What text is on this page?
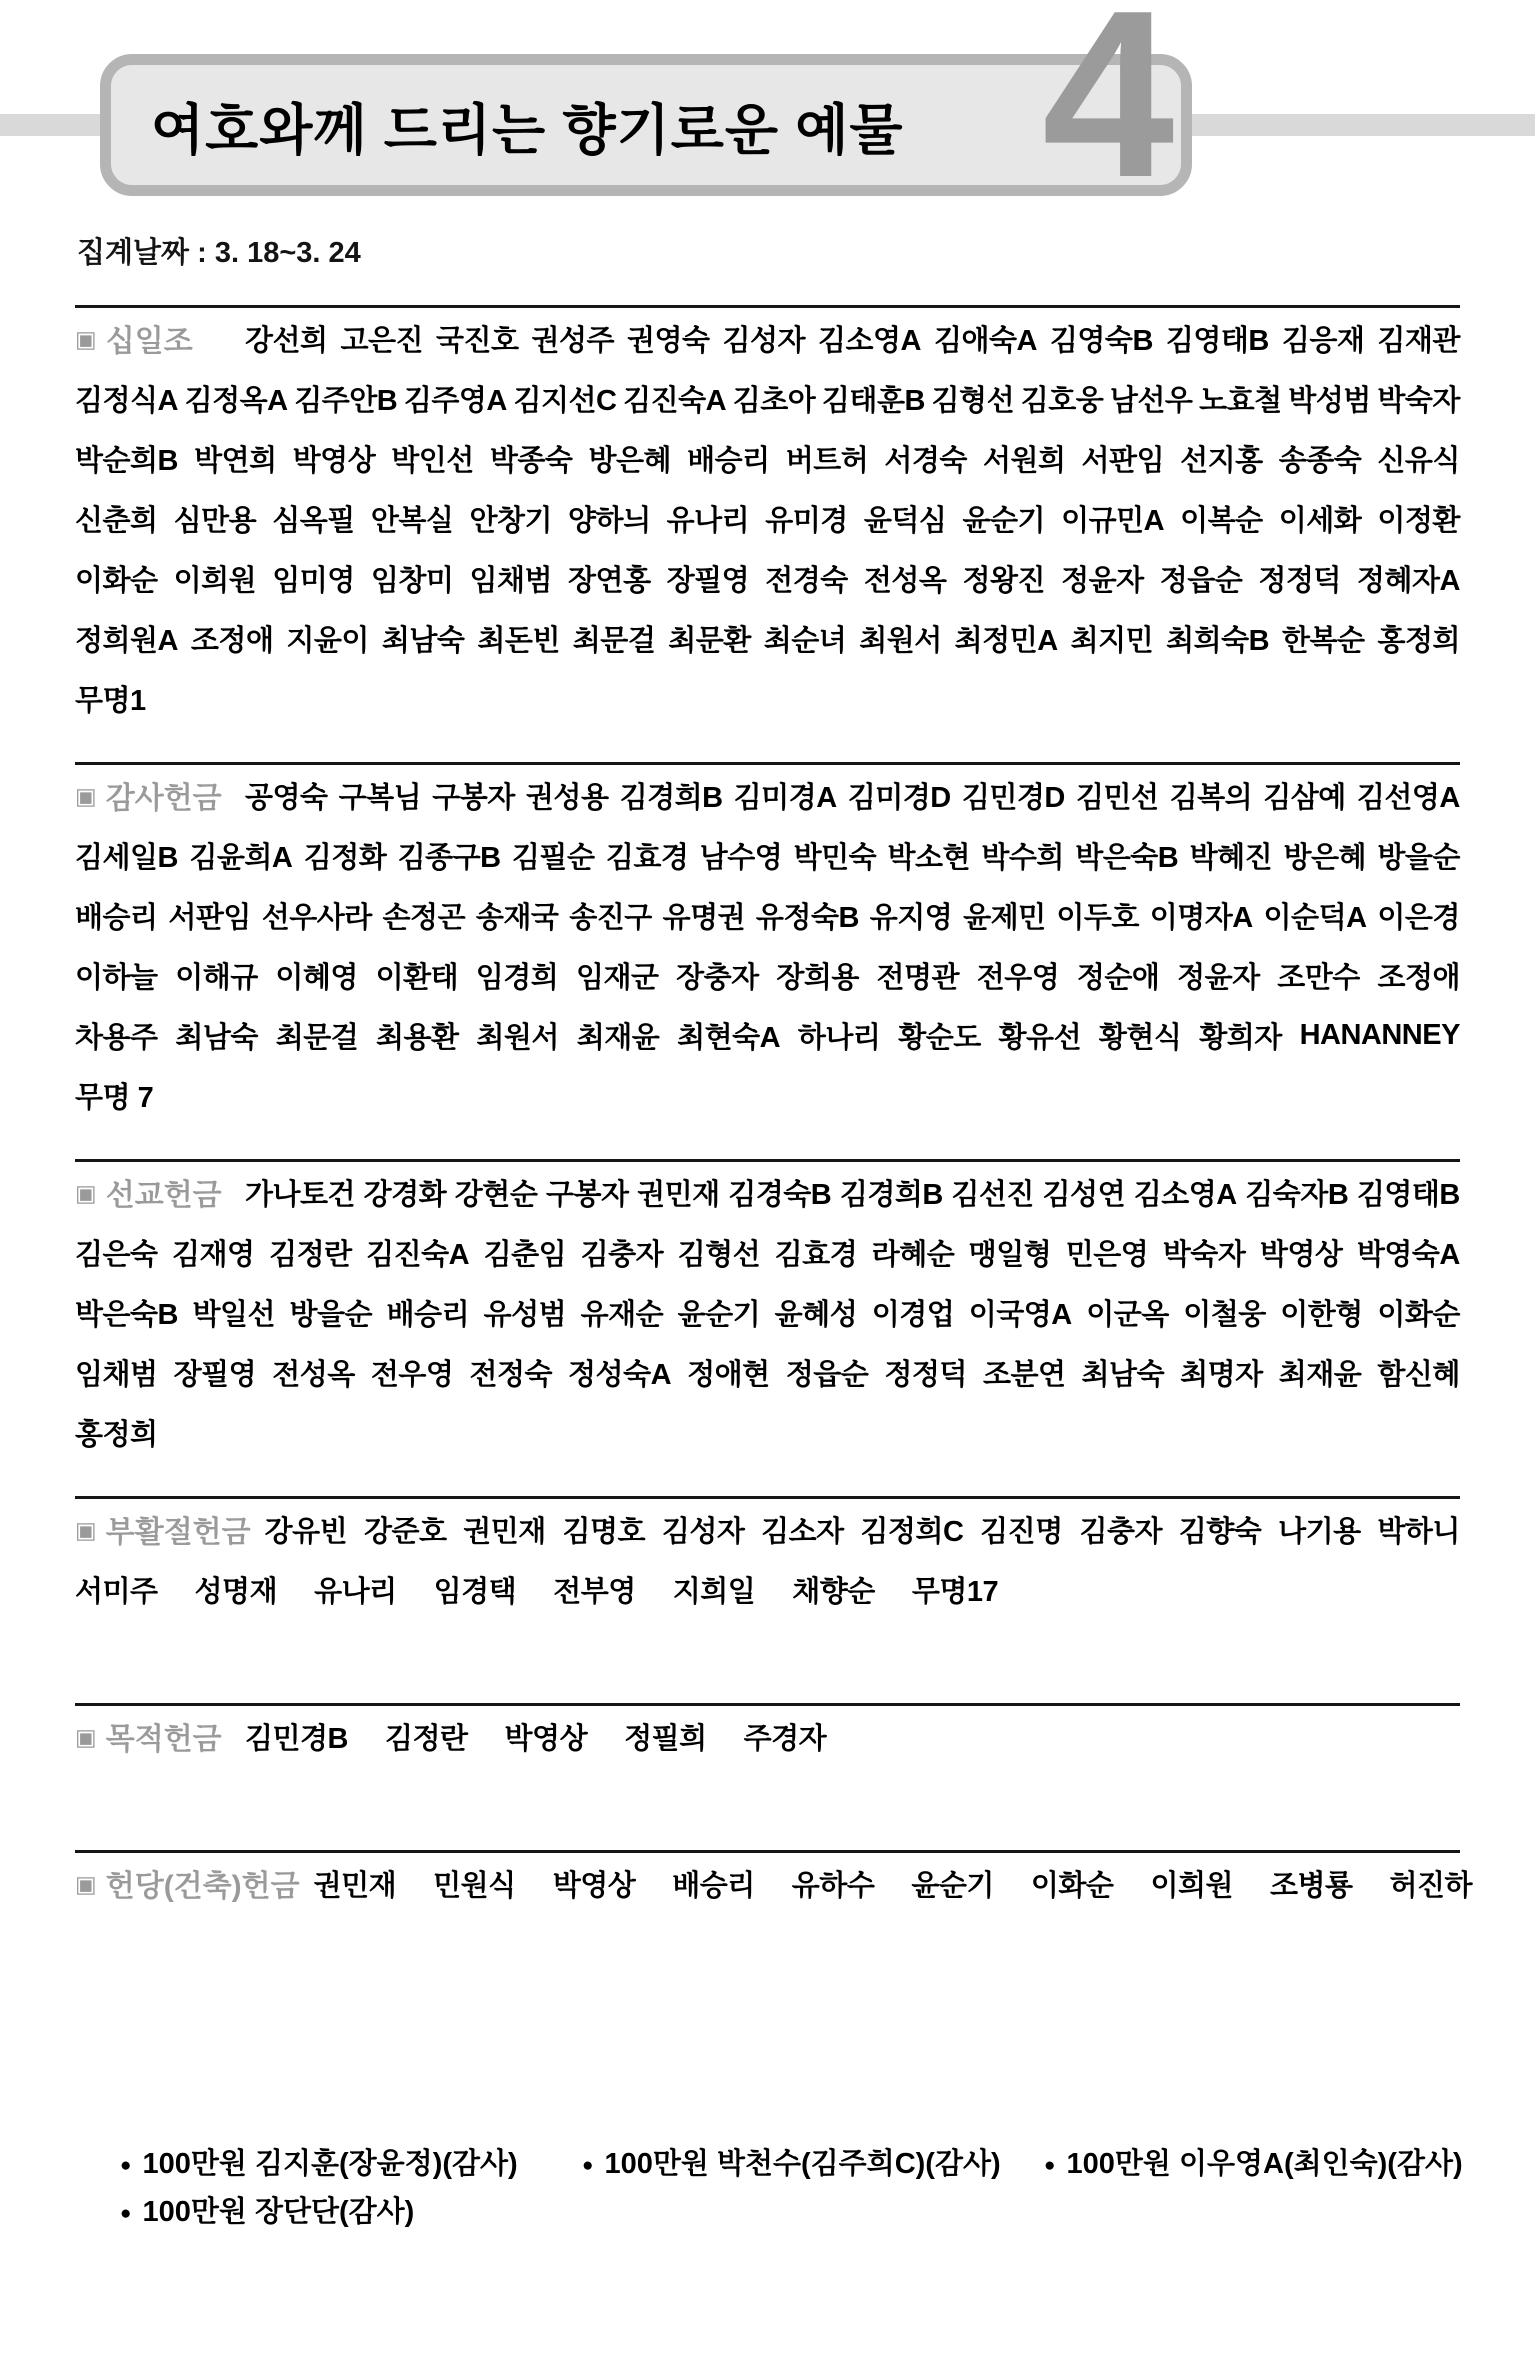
여호와께 드리는 향기로운 예물 4
집계날짜 : 3. 18~3. 24
▣ 십일조 강선희 고은진 국진호 권성주 권영숙 김성자 김소영A 김애숙A 김영숙B 김영태B 김응재 김재관
김정식A 김정옥A 김주안B 김주영A 김지선C 김진숙A 김초아 김태훈B 김형선 김호웅 남선우 노효철 박성범 박숙자
박순희B 박연희 박영상 박인선 박종숙 방은혜 배승리 버트허 서경숙 서원희 서판임 선지홍 송종숙 신유식
신춘희 심만용 심옥필 안복실 안창기 양하늬 유나리 유미경 윤덕심 윤순기 이규민A 이복순 이세화 이정환
이화순 이희원 임미영 임창미 임채범 장연홍 장필영 전경숙 전성옥 정왕진 정윤자 정읍순 정정덕 정혜자A
정희원A 조정애 지윤이 최남숙 최돈빈 최문걸 최문환 최순녀 최원서 최정민A 최지민 최희숙B 한복순 홍정희
무명1
▣ 감사헌금 공영숙 구복님 구봉자 권성용 김경희B 김미경A 김미경D 김민경D 김민선 김복의 김삼예 김선영A
김세일B 김윤희A 김정화 김종구B 김필순 김효경 남수영 박민숙 박소현 박수희 박은숙B 박혜진 방은혜 방을순
배승리 서판임 선우사라 손정곤 송재국 송진구 유명권 유정숙B 유지영 윤제민 이두호 이명자A 이순덕A 이은경
이하늘 이해규 이혜영 이환태 임경희 임재군 장충자 장희용 전명관 전우영 정순애 정윤자 조만수 조정애
차용주 최남숙 최문걸 최용환 최원서 최재윤 최현숙A 하나리 황순도 황유선 황현식 황희자 HANANNEY
무명 7
▣ 선교헌금 가나토건 강경화 강현순 구봉자 권민재 김경숙B 김경희B 김선진 김성연 김소영A 김숙자B 김영태B
김은숙 김재영 김정란 김진숙A 김춘임 김충자 김형선 김효경 라혜순 맹일형 민은영 박숙자 박영상 박영숙A
박은숙B 박일선 방을순 배승리 유성범 유재순 윤순기 윤혜성 이경업 이국영A 이군옥 이철웅 이한형 이화순
임채범 장필영 전성옥 전우영 전정숙 정성숙A 정애현 정읍순 정정덕 조분연 최남숙 최명자 최재윤 함신혜
홍정희
▣ 부활절헌금 강유빈 강준호 권민재 김명호 김성자 김소자 김정희C 김진명 김충자 김향숙 나기용 박하니
서미주 성명재 유나리 임경택 전부영 지희일 채향순 무명17
▣ 목적헌금 김민경B 김정란 박영상 정필희 주경자
▣ 헌당(건축)헌금 권민재 민원식 박영상 배승리 유하수 윤순기 이화순 이희원 조병룡 허진하
● 100만원 김지훈(장윤정)(감사)	● 100만원 박천수(김주희C)(감사)	● 100만원 이우영A(최인숙)(감사)
● 100만원 장단단(감사)
